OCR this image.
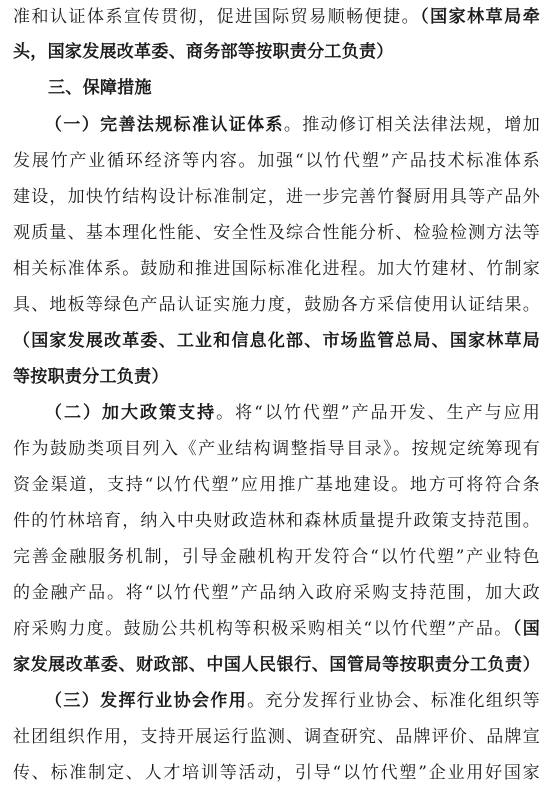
准和认证体系宣传贯彻，促进国际贸易顺畅便捷。（国家林草局牵
头，国家发展改革委、商务部等按职责分工负责）
三、保障措施
（一）完善法规标准认证体系。推动修订相关法律法规，增加
发展竹产业循环经济等内容。加强“以竹代塑”产品技术标准体系
建设，加快竹结构设计标准制定，进一步完善竹餐厨用具等产品外
观质量、基本理化性能、安全性及综合性能分析、检验检测方法等
相关标准体系。鼓励和推进国际标准化进程。加大竹建材、竹制家
具、地板等绿色产品认证实施力度，鼓励各方采信使用认证结果。
（国家发展改革委、工业和信息化部、市场监管总局、国家林草局
等按职责分工负责）
（二）加大政策支持。将“以竹代塑”产品开发、生产与应用
作为鼓励类项目列入《产业结构调整指导目录》。按规定统筹现有
资金渠道，支持“以竹代塑”应用推广基地建设。地方可将符合条
件的竹林培育，纳入中央财政造林和森林质量提升政策支持范围。
完善金融服务机制，引导金融机构开发符合“以竹代塑”产业特色
的金融产品。将“以竹代塑”产品纳入政府采购支持范围，加大政
府采购力度。鼓励公共机构等积极采购相关“以竹代塑”产品。（国
家发展改革委、财政部、中国人民银行、国管局等按职责分工负责）
（三）发挥行业协会作用。充分发挥行业协会、标准化组织等
社团组织作用，支持开展运行监测、调查研究、品牌评价、品牌宣
传、标准制定、人才培训等活动，引导“以竹代塑”企业用好国家
